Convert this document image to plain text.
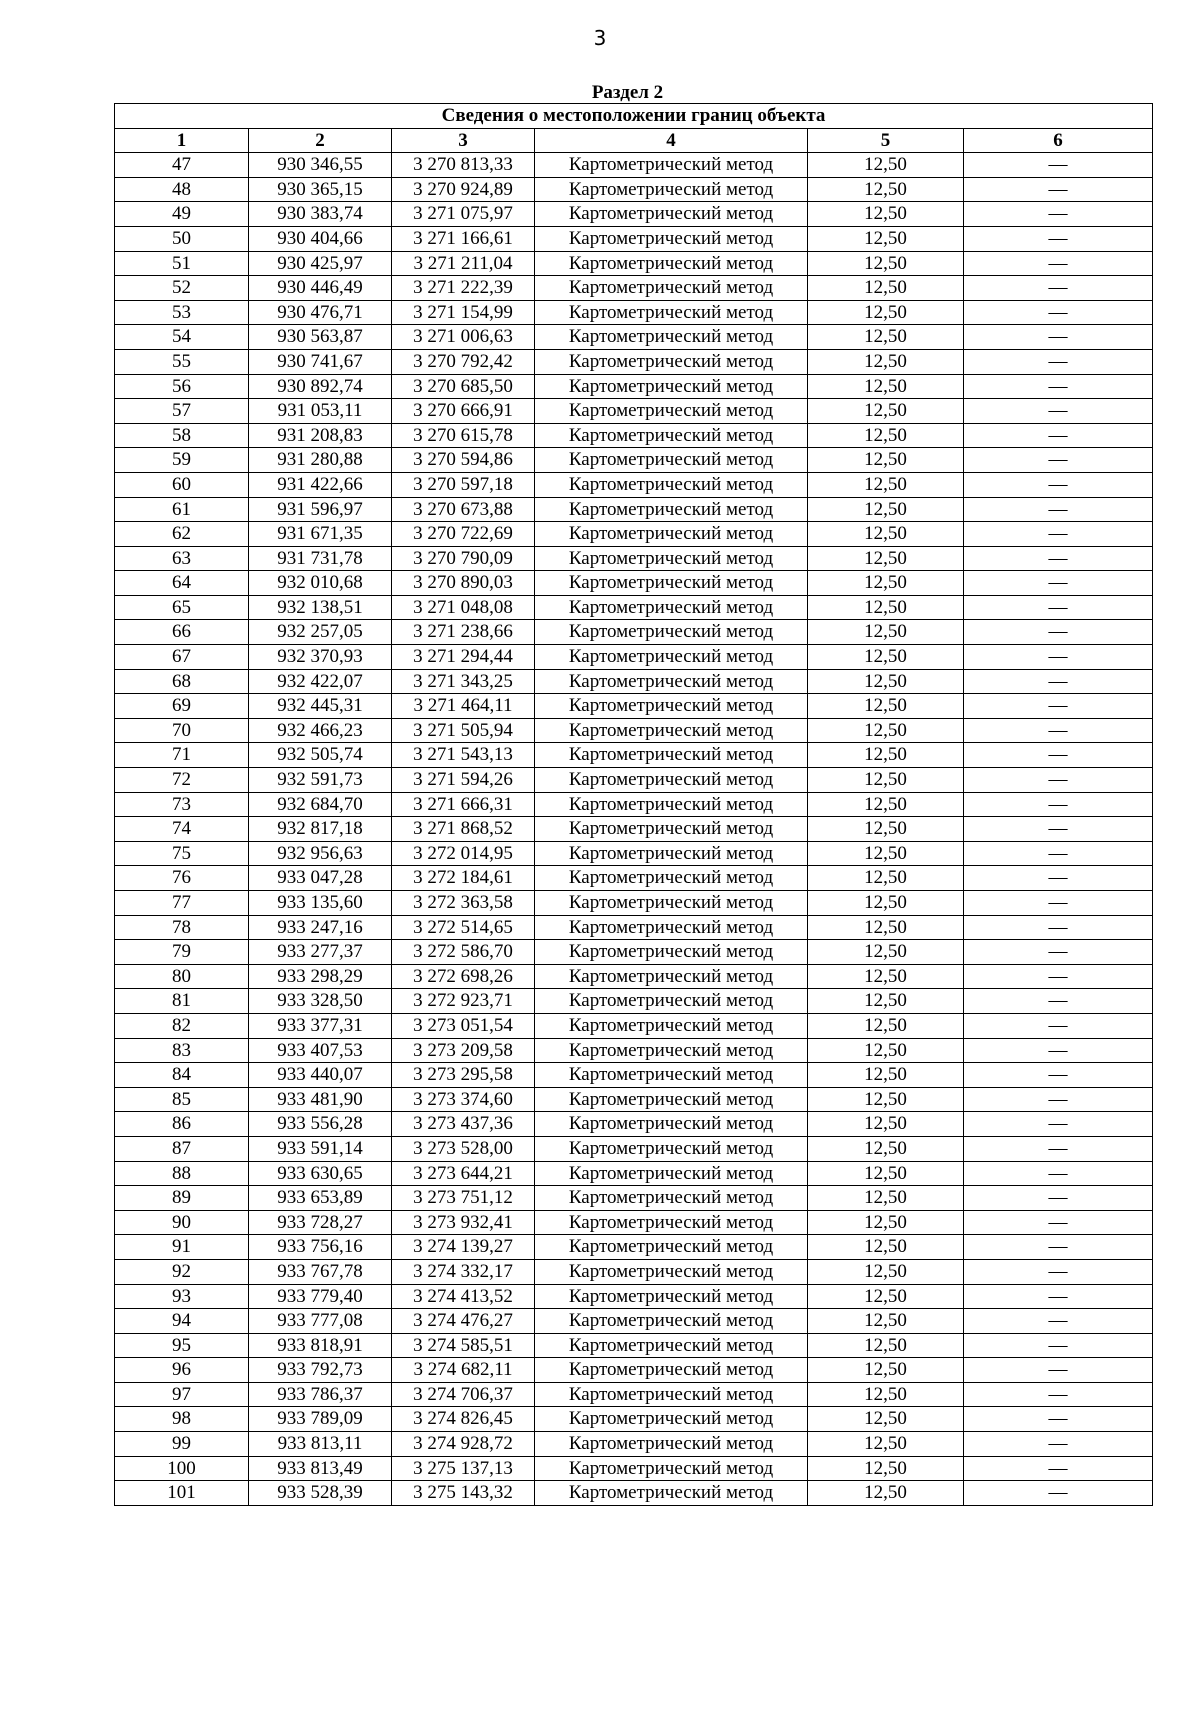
3
Раздел 2
Сведения о местоположении границ объекта					
1	2	3	4	5	6
47	930 346,55	3 270 813,33	Картометрический метод	12,50	—
48	930 365,15	3 270 924,89	Картометрический метод	12,50	—
49	930 383,74	3 271 075,97	Картометрический метод	12,50	—
50	930 404,66	3 271 166,61	Картометрический метод	12,50	—
51	930 425,97	3 271 211,04	Картометрический метод	12,50	—
52	930 446,49	3 271 222,39	Картометрический метод	12,50	—
53	930 476,71	3 271 154,99	Картометрический метод	12,50	—
54	930 563,87	3 271 006,63	Картометрический метод	12,50	—
55	930 741,67	3 270 792,42	Картометрический метод	12,50	—
56	930 892,74	3 270 685,50	Картометрический метод	12,50	—
57	931 053,11	3 270 666,91	Картометрический метод	12,50	—
58	931 208,83	3 270 615,78	Картометрический метод	12,50	—
59	931 280,88	3 270 594,86	Картометрический метод	12,50	—
60	931 422,66	3 270 597,18	Картометрический метод	12,50	—
61	931 596,97	3 270 673,88	Картометрический метод	12,50	—
62	931 671,35	3 270 722,69	Картометрический метод	12,50	—
63	931 731,78	3 270 790,09	Картометрический метод	12,50	—
64	932 010,68	3 270 890,03	Картометрический метод	12,50	—
65	932 138,51	3 271 048,08	Картометрический метод	12,50	—
66	932 257,05	3 271 238,66	Картометрический метод	12,50	—
67	932 370,93	3 271 294,44	Картометрический метод	12,50	—
68	932 422,07	3 271 343,25	Картометрический метод	12,50	—
69	932 445,31	3 271 464,11	Картометрический метод	12,50	—
70	932 466,23	3 271 505,94	Картометрический метод	12,50	—
71	932 505,74	3 271 543,13	Картометрический метод	12,50	—
72	932 591,73	3 271 594,26	Картометрический метод	12,50	—
73	932 684,70	3 271 666,31	Картометрический метод	12,50	—
74	932 817,18	3 271 868,52	Картометрический метод	12,50	—
75	932 956,63	3 272 014,95	Картометрический метод	12,50	—
76	933 047,28	3 272 184,61	Картометрический метод	12,50	—
77	933 135,60	3 272 363,58	Картометрический метод	12,50	—
78	933 247,16	3 272 514,65	Картометрический метод	12,50	—
79	933 277,37	3 272 586,70	Картометрический метод	12,50	—
80	933 298,29	3 272 698,26	Картометрический метод	12,50	—
81	933 328,50	3 272 923,71	Картометрический метод	12,50	—
82	933 377,31	3 273 051,54	Картометрический метод	12,50	—
83	933 407,53	3 273 209,58	Картометрический метод	12,50	—
84	933 440,07	3 273 295,58	Картометрический метод	12,50	—
85	933 481,90	3 273 374,60	Картометрический метод	12,50	—
86	933 556,28	3 273 437,36	Картометрический метод	12,50	—
87	933 591,14	3 273 528,00	Картометрический метод	12,50	—
88	933 630,65	3 273 644,21	Картометрический метод	12,50	—
89	933 653,89	3 273 751,12	Картометрический метод	12,50	—
90	933 728,27	3 273 932,41	Картометрический метод	12,50	—
91	933 756,16	3 274 139,27	Картометрический метод	12,50	—
92	933 767,78	3 274 332,17	Картометрический метод	12,50	—
93	933 779,40	3 274 413,52	Картометрический метод	12,50	—
94	933 777,08	3 274 476,27	Картометрический метод	12,50	—
95	933 818,91	3 274 585,51	Картометрический метод	12,50	—
96	933 792,73	3 274 682,11	Картометрический метод	12,50	—
97	933 786,37	3 274 706,37	Картометрический метод	12,50	—
98	933 789,09	3 274 826,45	Картометрический метод	12,50	—
99	933 813,11	3 274 928,72	Картометрический метод	12,50	—
100	933 813,49	3 275 137,13	Картометрический метод	12,50	—
101	933 528,39	3 275 143,32	Картометрический метод	12,50	—
